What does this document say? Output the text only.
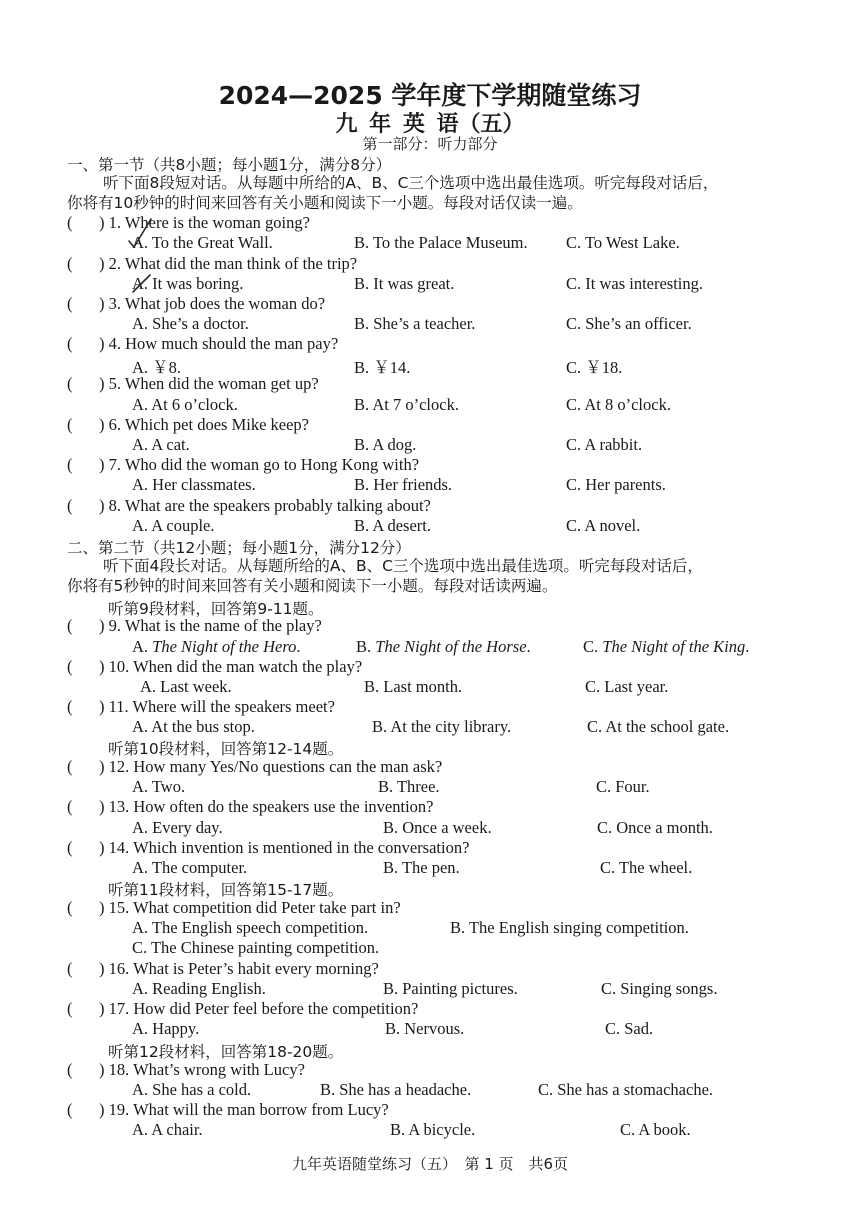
2024—2025 学年度下学期随堂练习
九 年 英 语（五）
第一部分：听力部分
一、第一节（共8小题；每小题1分，满分8分）
听下面8段短对话。从每题中所给的A、B、C三个选项中选出最佳选项。听完每段对话后，
你将有10秒钟的时间来回答有关小题和阅读下一小题。每段对话仅读一遍。
( ) 1. Where is the woman going?
A. To the Great Wall.	B. To the Palace Museum. C. To West Lake.
( ) 2. What did the man think of the trip?
A. It was boring.	B. It was great.	C. It was interesting.
( ) 3. What job does the woman do?
A. She’s a doctor.	B. She’s a teacher.	C. She’s an officer.
( ) 4. How much should the man pay?
A. ￥8.	B. ￥14.	C. ￥18.
( ) 5. When did the woman get up?
A. At 6 o’clock.	B. At 7 o’clock.	C. At 8 o’clock.
( ) 6. Which pet does Mike keep?
A. A cat.	B. A dog.	C. A rabbit.
( ) 7. Who did the woman go to Hong Kong with?
A. Her classmates.	B. Her friends.	C. Her parents.
( ) 8. What are the speakers probably talking about?
A. A couple.	B. A desert.	C. A novel.
二、第二节（共12小题；每小题1分，满分12分）
听下面4段长对话。从每题所给的A、B、C三个选项中选出最佳选项。听完每段对话后，
你将有5秒钟的时间来回答有关小题和阅读下一小题。每段对话读两遍。
听第9段材料，回答第9-11题。
( ) 9. What is the name of the play?
A. The Night of the Hero.	B. The Night of the Horse.	C. The Night of the King.
( ) 10. When did the man watch the play?
A. Last week.	B. Last month.	C. Last year.
( ) 11. Where will the speakers meet?
A. At the bus stop.	B. At the city library.	C. At the school gate.
听第10段材料，回答第12-14题。
( ) 12. How many Yes/No questions can the man ask?
A. Two.	B. Three.	C. Four.
( ) 13. How often do the speakers use the invention?
A. Every day.	B. Once a week.	C. Once a month.
( ) 14. Which invention is mentioned in the conversation?
A. The computer.	B. The pen.	C. The wheel.
听第11段材料，回答第15-17题。
( ) 15. What competition did Peter take part in?
A. The English speech competition.	B. The English singing competition.
C. The Chinese painting competition.
( ) 16. What is Peter’s habit every morning?
A. Reading English.	B. Painting pictures.	C. Singing songs.
( ) 17. How did Peter feel before the competition?
A. Happy.	B. Nervous.	C. Sad.
听第12段材料，回答第18-20题。
( ) 18. What’s wrong with Lucy?
A. She has a cold.	B. She has a headache.	C. She has a stomachache.
( ) 19. What will the man borrow from Lucy?
A. A chair.	B. A bicycle.	C. A book.
九年英语随堂练习（五）　第 1 页　共6页
